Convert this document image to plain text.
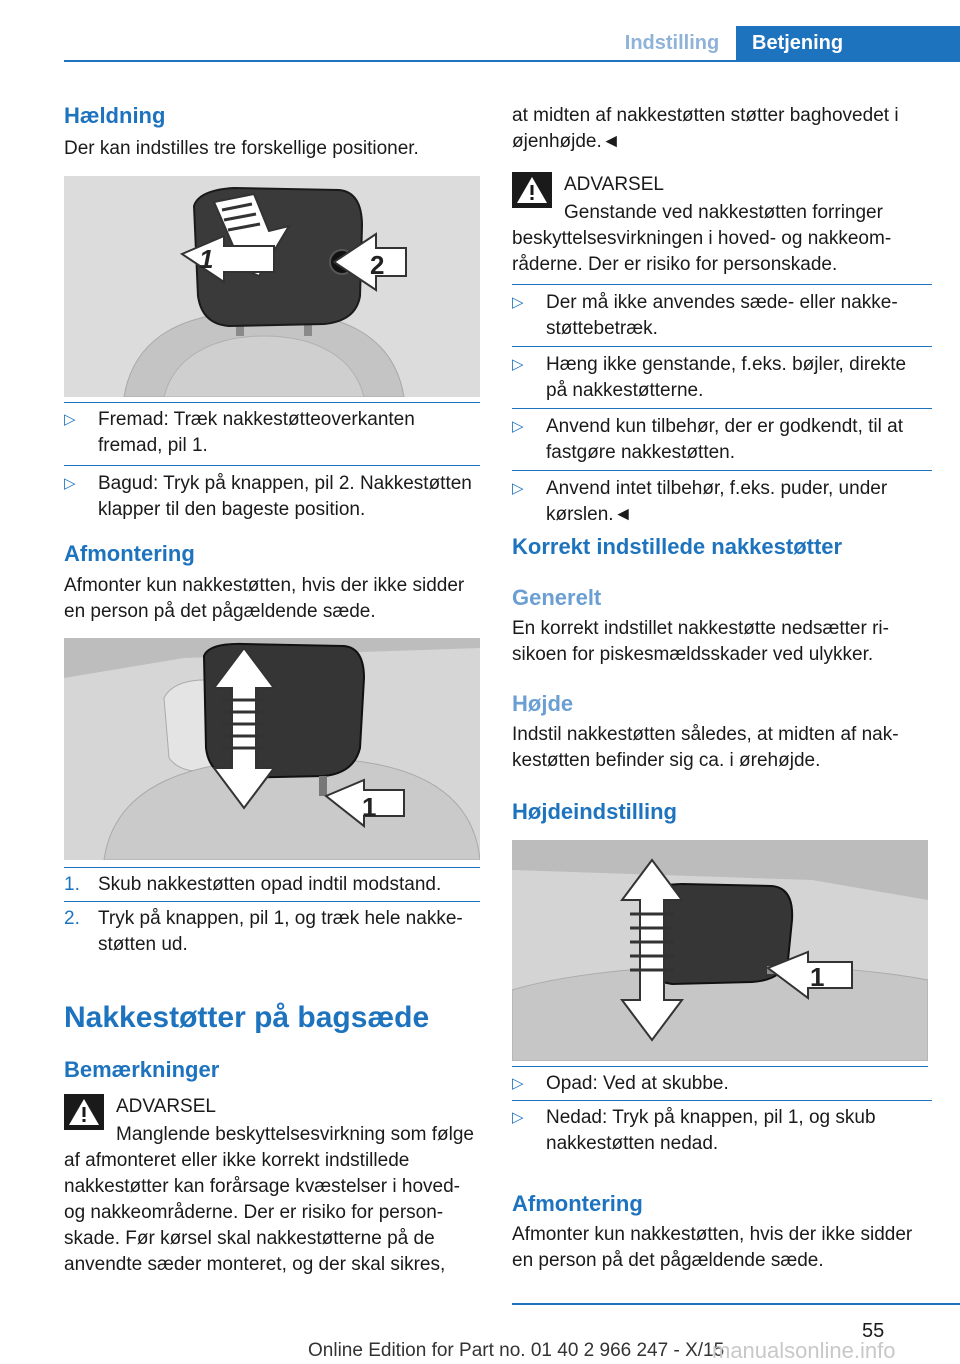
Indstilling	Betjening
Hældning
Der kan indstilles tre forskellige positioner.
1	2
▷	Fremad: Træk nakkestøtteoverkanten fremad, pil 1.
▷	Bagud: Tryk på knappen, pil 2. Nakkestøtten klapper til den bageste position.
Afmontering
Afmonter kun nakkestøtten, hvis der ikke sidder en person på det pågældende sæde.
1
1. Skub nakkestøtten opad indtil modstand.
2. Tryk på knappen, pil 1, og træk hele nakkestøtten ud.
Nakkestøtter på bagsæde
Bemærkninger
ADVARSEL
Manglende beskyttelsesvirkning som følge af afmonteret eller ikke korrekt indstillede nakkestøtter kan forårsage kvæstelser i hoved- og nakkeområderne. Der er risiko for personskade. Før kørsel skal nakkestøtterne på de anvendte sæder monteret, og der skal sikres,
at midten af nakkestøtten støtter baghovedet i øjenhøjde.◄
ADVARSEL
Genstande ved nakkestøtten forringer beskyttelsesvirkningen i hoved- og nakkeområderne. Der er risiko for personskade.
▷	Der må ikke anvendes sæde- eller nakkestøttebetræk.
▷	Hæng ikke genstande, f.eks. bøjler, direkte på nakkestøtterne.
▷	Anvend kun tilbehør, der er godkendt, til at fastgøre nakkestøtten.
▷	Anvend intet tilbehør, f.eks. puder, under kørslen.◄
Korrekt indstillede nakkestøtter
Generelt
En korrekt indstillet nakkestøtte nedsætter risikoen for piskesmældsskader ved ulykker.
Højde
Indstil nakkestøtten således, at midten af nakkestøtten befinder sig ca. i ørehøjde.
Højdeindstilling
1
▷	Opad: Ved at skubbe.
▷	Nedad: Tryk på knappen, pil 1, og skub nakkestøtten nedad.
Afmontering
Afmonter kun nakkestøtten, hvis der ikke sidder en person på det pågældende sæde.
55
Online Edition for Part no. 01 40 2 966 247 - X/15
manualsonline.info
